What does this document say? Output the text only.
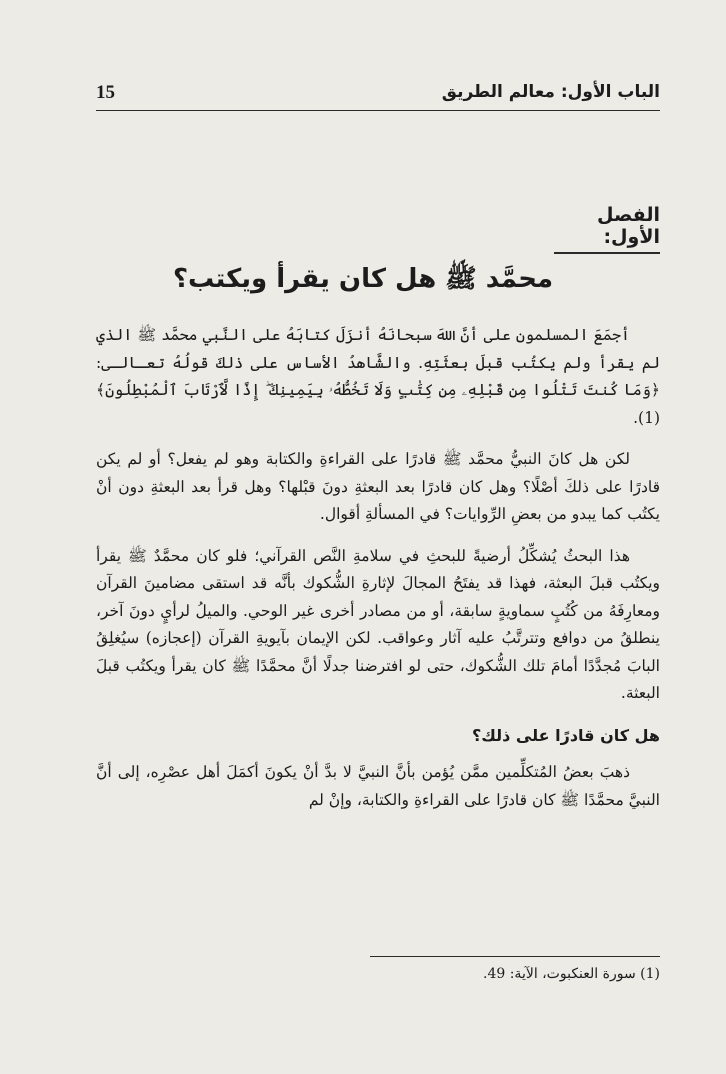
الباب الأول: معالم الطريق
15
الفصل الأول:
محمَّد ﷺ هل كان يقرأ ويكتب؟

أجمَعَ المسلمون على أنَّ اللهَ سبحانَهُ أنزَلَ كتابَهُ على النَّبي محمَّد ﷺ الذي لم يقرأ ولم يكتُب قبلَ بعثَتِهِ. والشَّاهدُ الأساس على ذلكَ قولُهُ تعـالـى: ﴿وَمَا كُنتَ تَتْلُوا مِن قَبْلِهِۦ مِن كِتَٰبٍ وَلَا تَخُطُّهُۥ بِيَمِينِكَ ۖ إِذًا لَّٱرْتَابَ ٱلْمُبْطِلُونَ﴾(1).

لكن هل كانَ النبيُّ محمَّد ﷺ قادرًا على القراءةِ والكتابة وهو لم يفعل؟ أو لم يكن قادرًا على ذلكَ أصْلًا؟ وهل كان قادرًا بعد البعثةِ دونَ قبْلها؟ وهل قرأ بعد البعثةِ دون أنْ يكتُب كما يبدو من بعضِ الرِّوايات؟ في المسألةِ أقوال.

هذا البحثُ يُشكِّلُ أرضيةً للبحثِ في سلامةِ النَّص القرآني؛ فلو كان محمَّدٌ ﷺ يقرأ ويكتُب قبلَ البعثة، فهذا قد يفتَحُ المجالَ لإثارةِ الشُّكوك بأنَّه قد استقى مضامينَ القرآن ومعارِفَهُ من كُتُبٍ سماويةٍ سابقة، أو من مصادر أخرى غير الوحي. والميلُ لرأيٍ دونَ آخر، ينطلقُ من دوافع وتترتَّبُ عليه آثار وعواقب. لكن الإيمان بآيويةِ القرآن (إعجازه) سيُغلِقُ البابَ مُجدَّدًا أمامَ تلك الشُّكوك، حتى لو افترضنا جدلًا أنَّ محمَّدًا ﷺ كان يقرأ ويكتُب قبلَ البعثة.

هل كان قادرًا على ذلك؟

ذهبَ بعضُ المُتكلِّمين ممَّن يُؤمن بأنَّ النبيَّ لا بدَّ أنْ يكونَ أكمَلَ أهل عصْرِه، إلى أنَّ النبيَّ محمَّدًا ﷺ كان قادرًا على القراءةِ والكتابة، وإنْ لم

(1) سورة العنكبوت، الآية: 49.
